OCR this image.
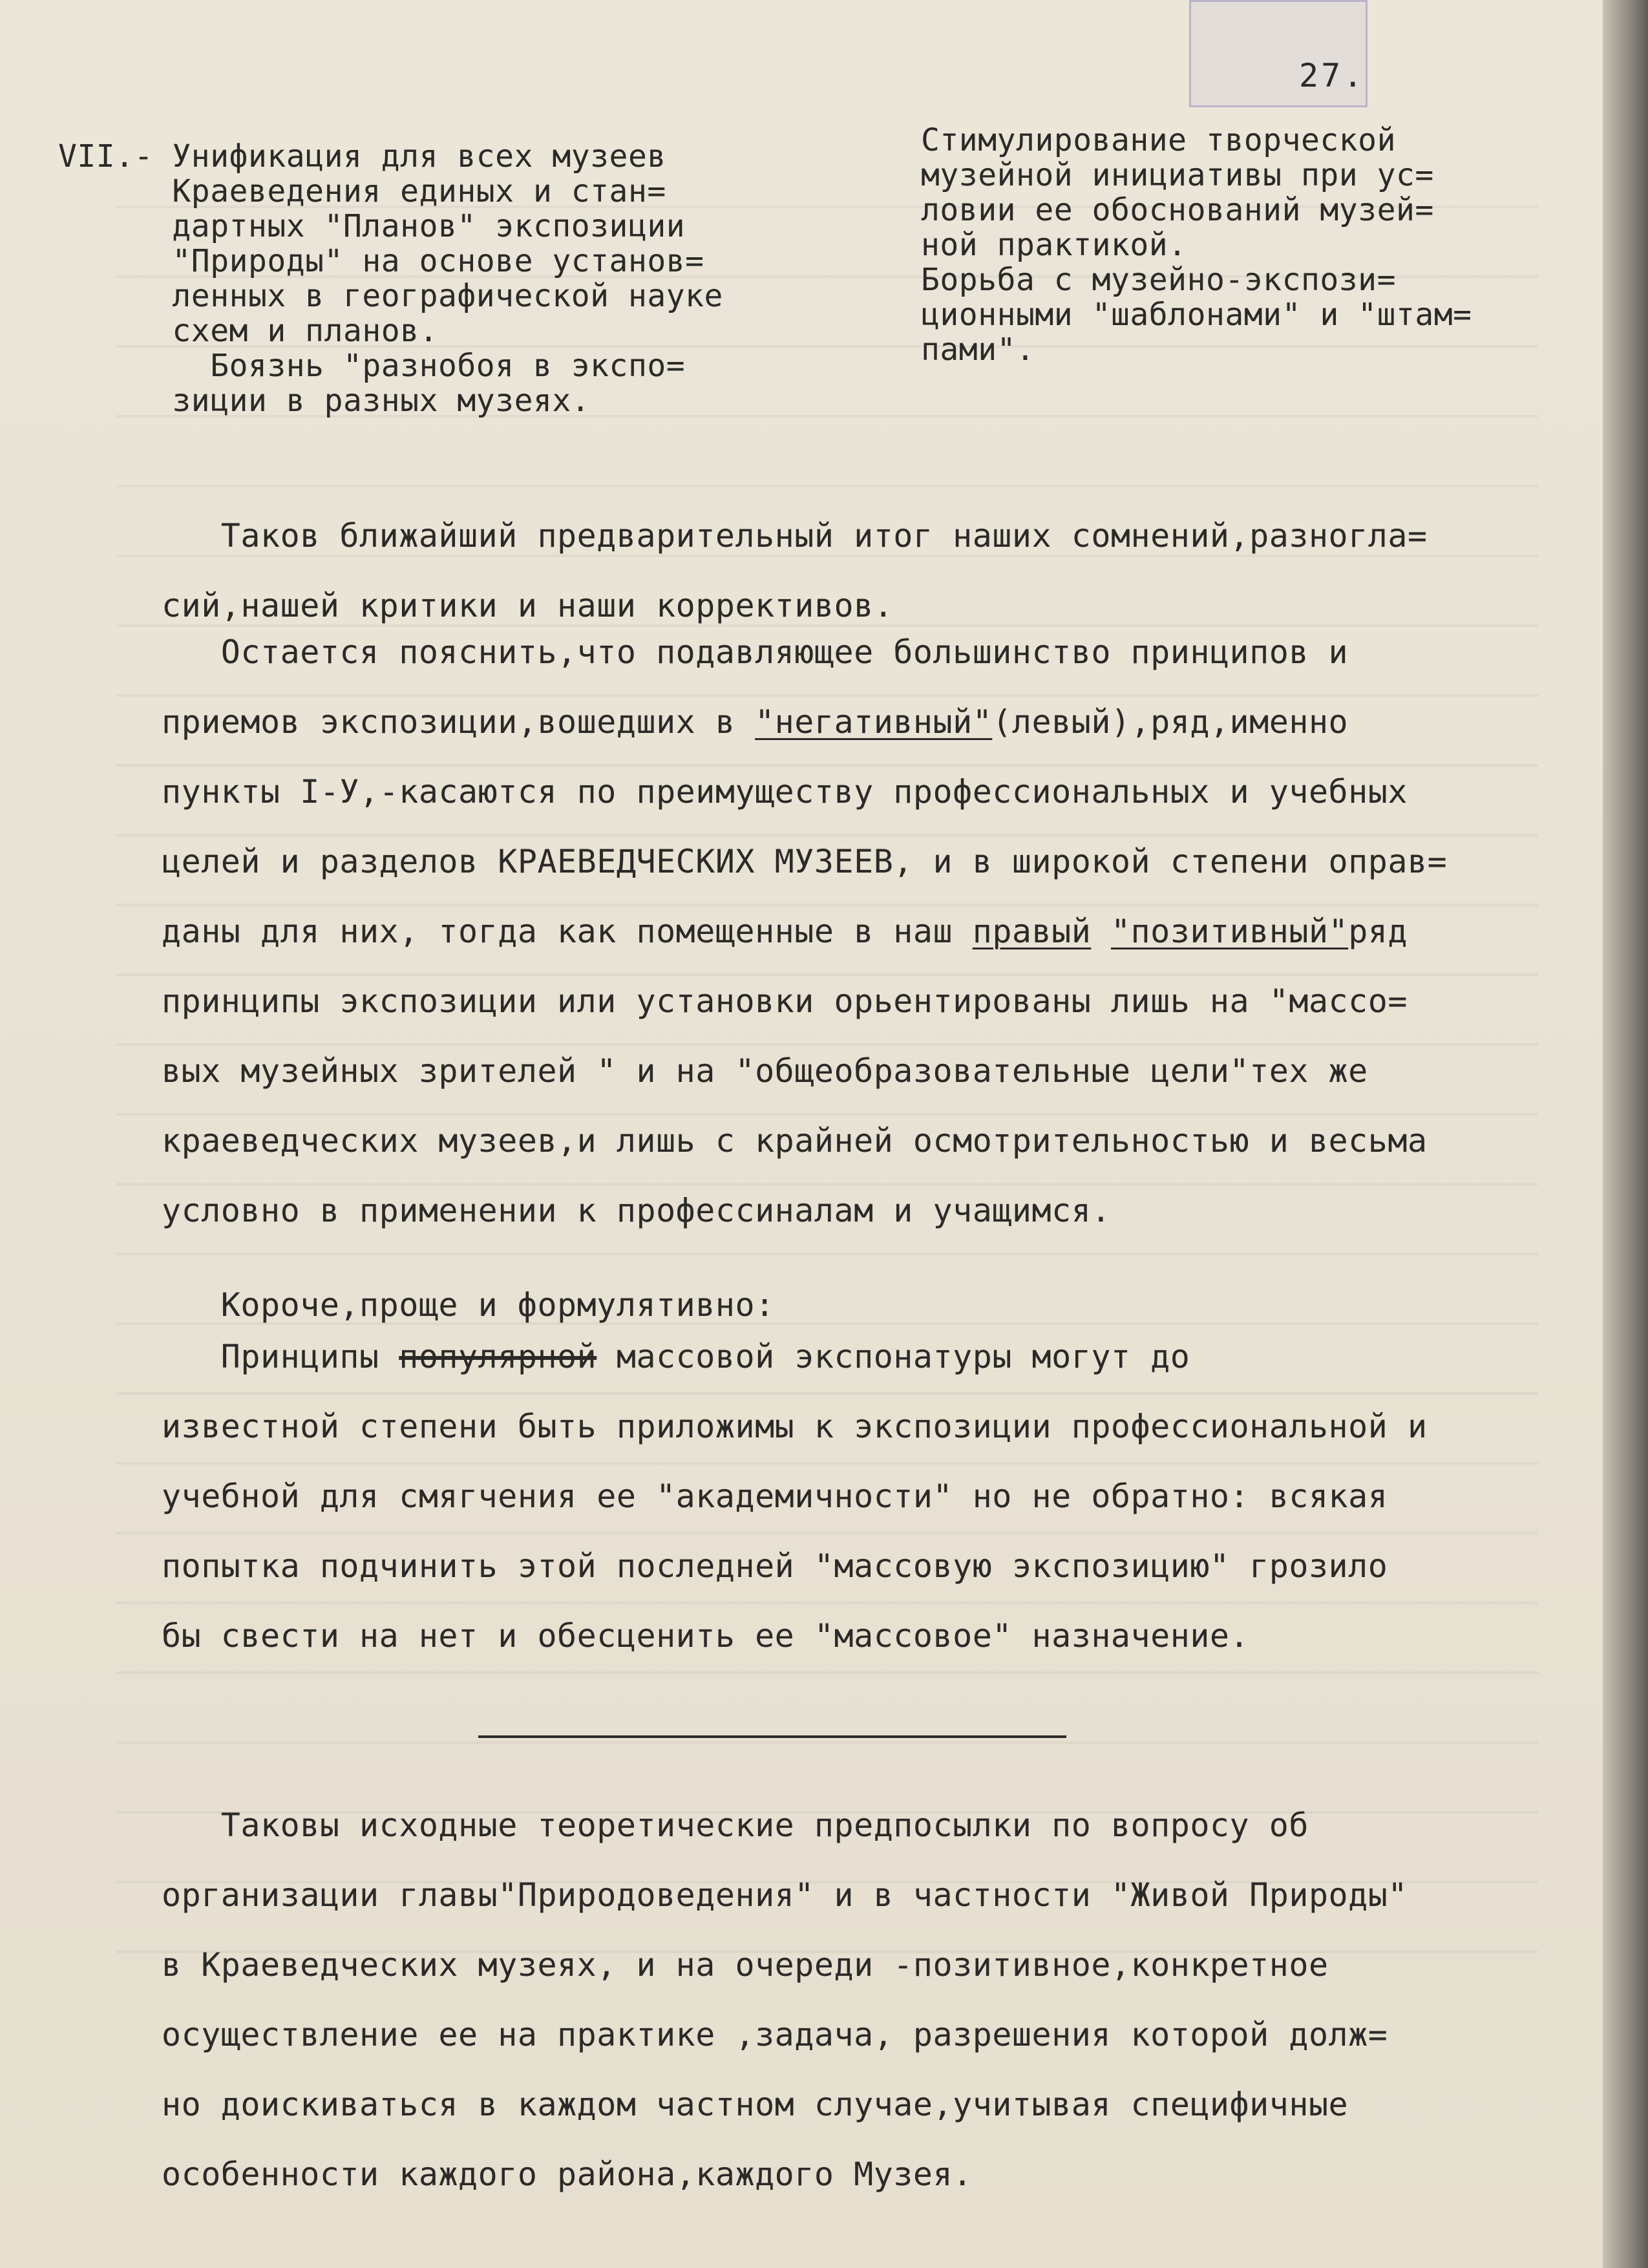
27.

VII.- Унификация для всех музеев

Краеведения единых и стан=

дартных "Планов" экспозиции

"Природы" на основе установ=

ленных в географической науке

схем и планов.

Боязнь "разнобоя в экспо=

зиции в разных музеях.

Стимулирование творческой

музейной инициативы при ус=

ловии ее обоснований музей=

ной практикой.

Борьба с музейно-экспози=

ционными "шаблонами" и "штам=

пами".

Таков ближайший предварительный итог наших сомнений,разногла=
сий,нашей критики и наши коррективов.
Остается пояснить,что подавляющее большинство принципов и
приемов экспозиции,вошедших в "негативный"(левый),ряд,именно
пункты I-У,-касаются по преимуществу профессиональных и учебных
целей и разделов КРАЕВЕДЧЕСКИХ МУЗЕЕВ, и в широкой степени оправ=
даны для них, тогда как помещенные в наш правый "позитивный"ряд
принципы экспозиции или установки орьентированы лишь на "массо=
вых музейных зрителей " и на "общеобразовательные цели"тех же
краеведческих музеев,и лишь с крайней осмотрительностью и весьма
условно в применении к профессиналам и учащимся.
Короче,проще и формулятивно:
Принципы популярной массовой экспонатуры могут до
известной степени быть приложимы к экспозиции профессиональной и
учебной для смягчения ее "академичности" но не обратно: всякая
попытка подчинить этой последней "массовую экспозицию" грозило
бы свести на нет и обесценить ее "массовое" назначение.
Таковы исходные теоретические предпосылки по вопросу об
организации главы"Природоведения" и в частности "Живой Природы"
в Краеведческих музеях, и на очереди -позитивное,конкретное
осуществление ее на практике ,задача, разрешения которой долж=
но доискиваться в каждом частном случае,учитывая специфичные
особенности каждого района,каждого Музея.
